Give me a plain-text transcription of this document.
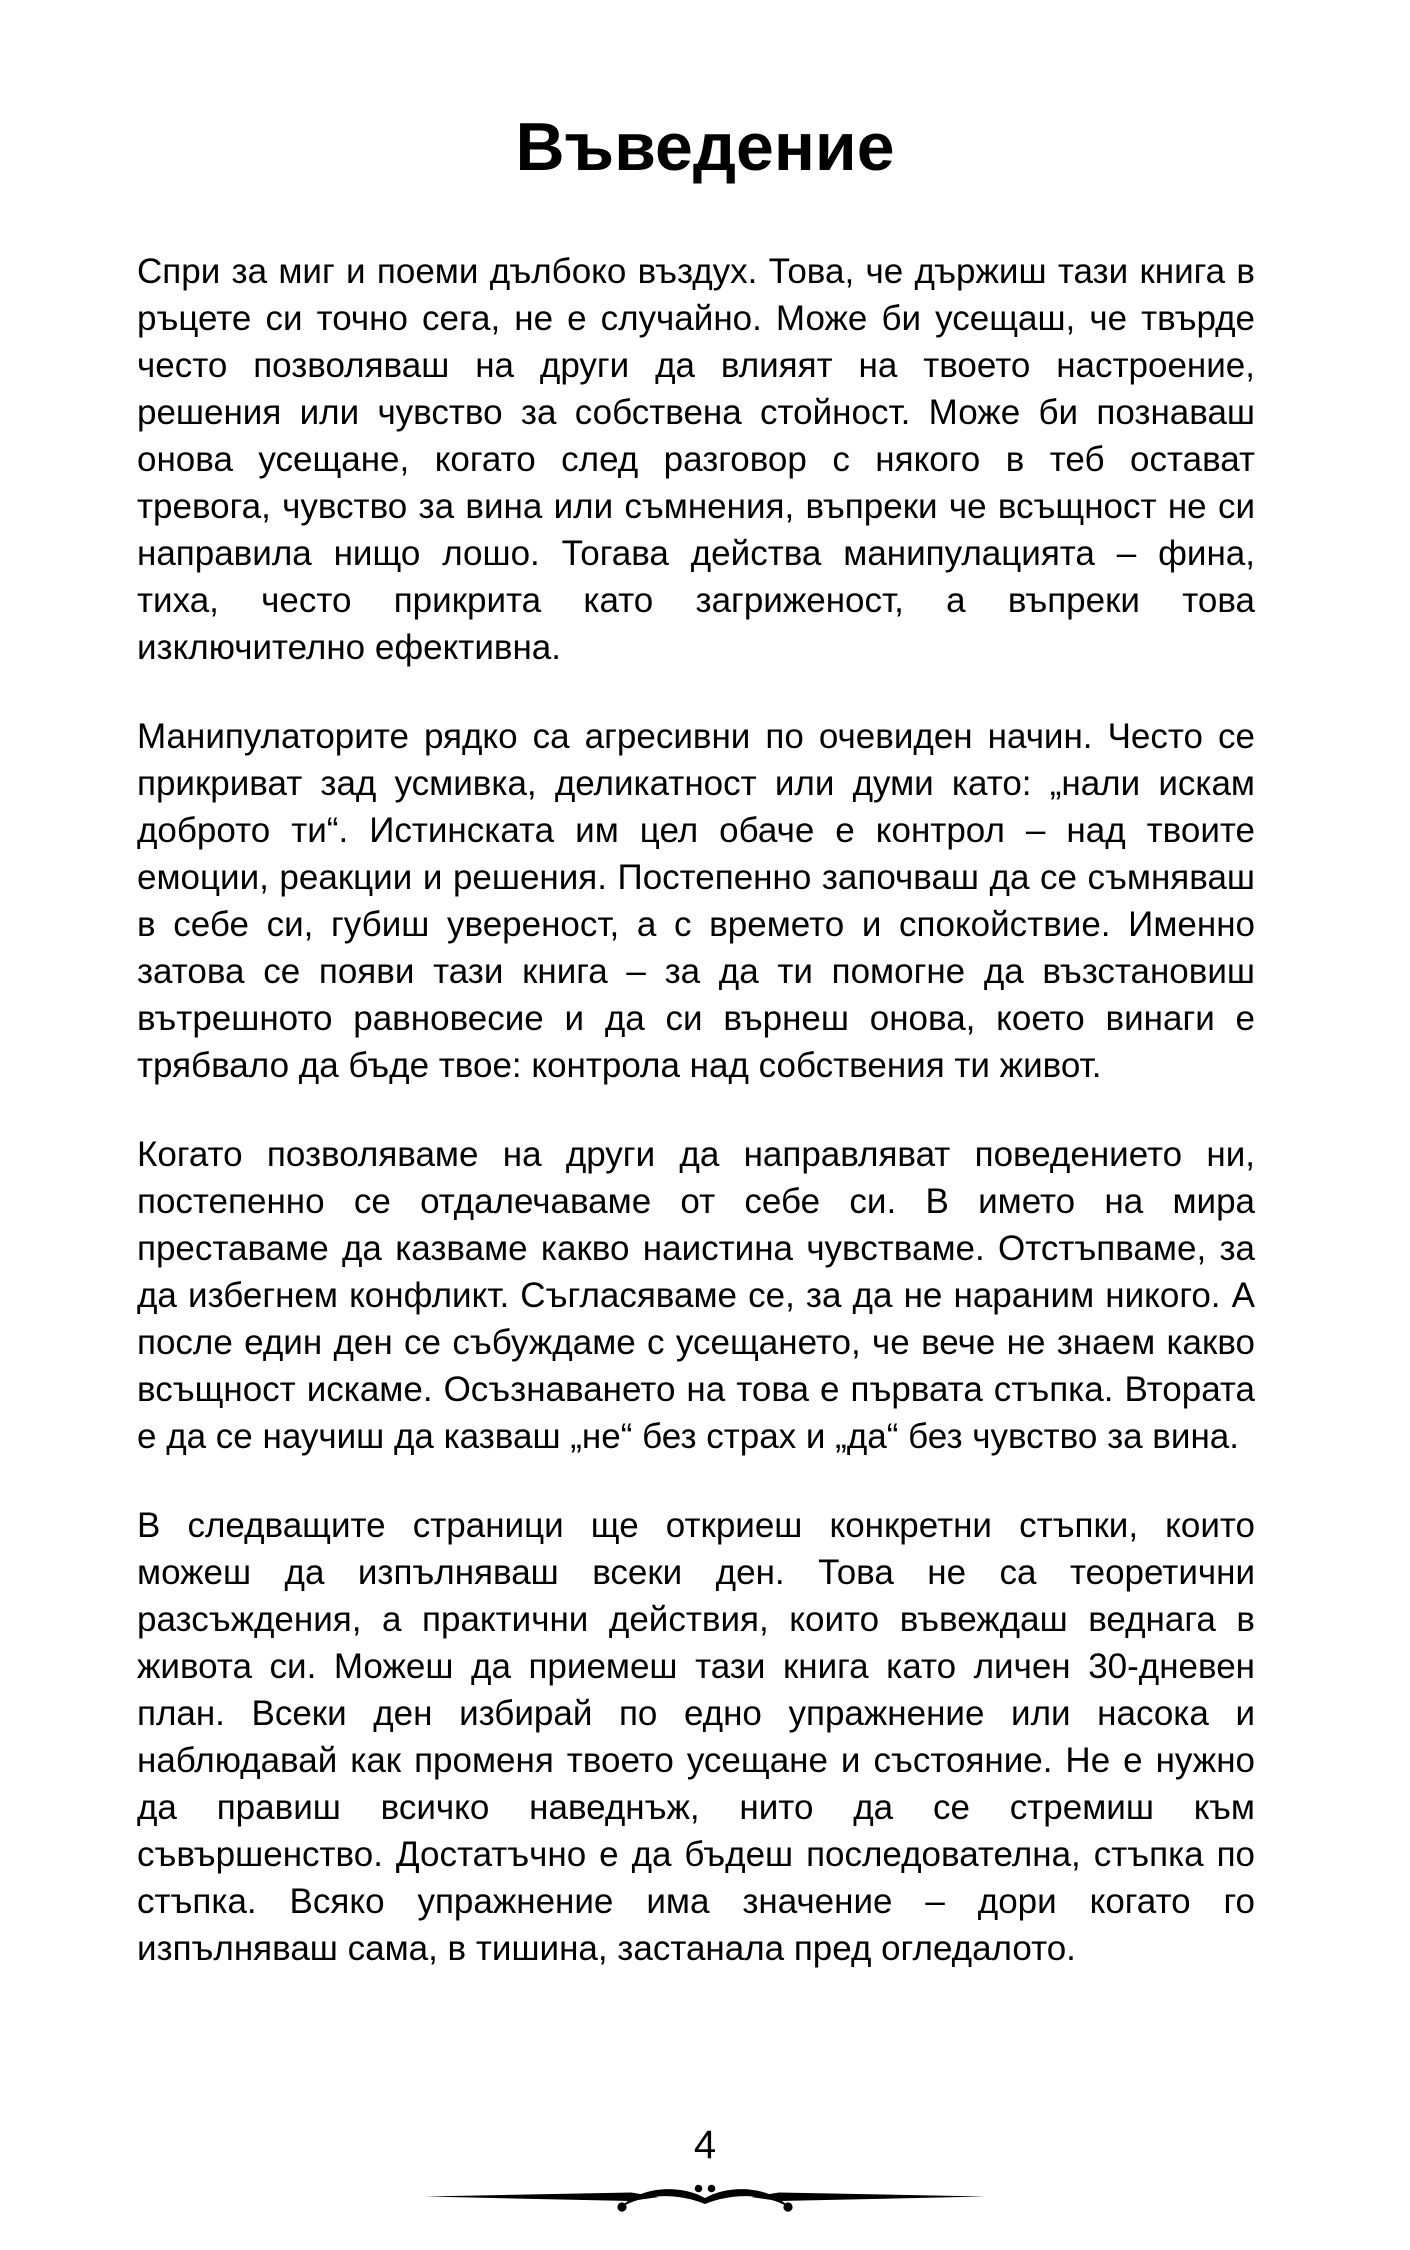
Въведение

Спри за миг и поеми дълбоко въздух. Това, че държиш тази книга в ръцете си точно сега, не е случайно. Може би усещаш, че твърде често позволяваш на други да влияят на твоето настроение, решения или чувство за собствена стойност. Може би познаваш онова усещане, когато след разговор с някого в теб остават тревога, чувство за вина или съмнения, въпреки че всъщност не си направила нищо лошо. Тогава действа манипулацията – фина, тиха, често прикрита като загриженост, а въпреки това изключително ефективна.

Манипулаторите рядко са агресивни по очевиден начин. Често се прикриват зад усмивка, деликатност или думи като: „нали искам доброто ти“. Истинската им цел обаче е контрол – над твоите емоции, реакции и решения. Постепенно започваш да се съмняваш в себе си, губиш увереност, а с времето и спокойствие. Именно затова се появи тази книга – за да ти помогне да възстановиш вътрешното равновесие и да си върнеш онова, което винаги е трябвало да бъде твое: контрола над собствения ти живот.

Когато позволяваме на други да направляват поведението ни, постепенно се отдалечаваме от себе си. В името на мира преставаме да казваме какво наистина чувстваме. Отстъпваме, за да избегнем конфликт. Съгласяваме се, за да не нараним никого. А после един ден се събуждаме с усещането, че вече не знаем какво всъщност искаме. Осъзнаването на това е първата стъпка. Втората е да се научиш да казваш „не“ без страх и „да“ без чувство за вина.

В следващите страници ще откриеш конкретни стъпки, които можеш да изпълняваш всеки ден. Това не са теоретични разсъждения, а практични действия, които въвеждаш веднага в живота си. Можеш да приемеш тази книга като личен 30-дневен план. Всеки ден избирай по едно упражнение или насока и наблюдавай как променя твоето усещане и състояние. Не е нужно да правиш всичко наведнъж, нито да се стремиш към съвършенство. Достатъчно е да бъдеш последователна, стъпка по стъпка. Всяко упражнение има значение – дори когато го изпълняваш сама, в тишина, застанала пред огледалото.

4
